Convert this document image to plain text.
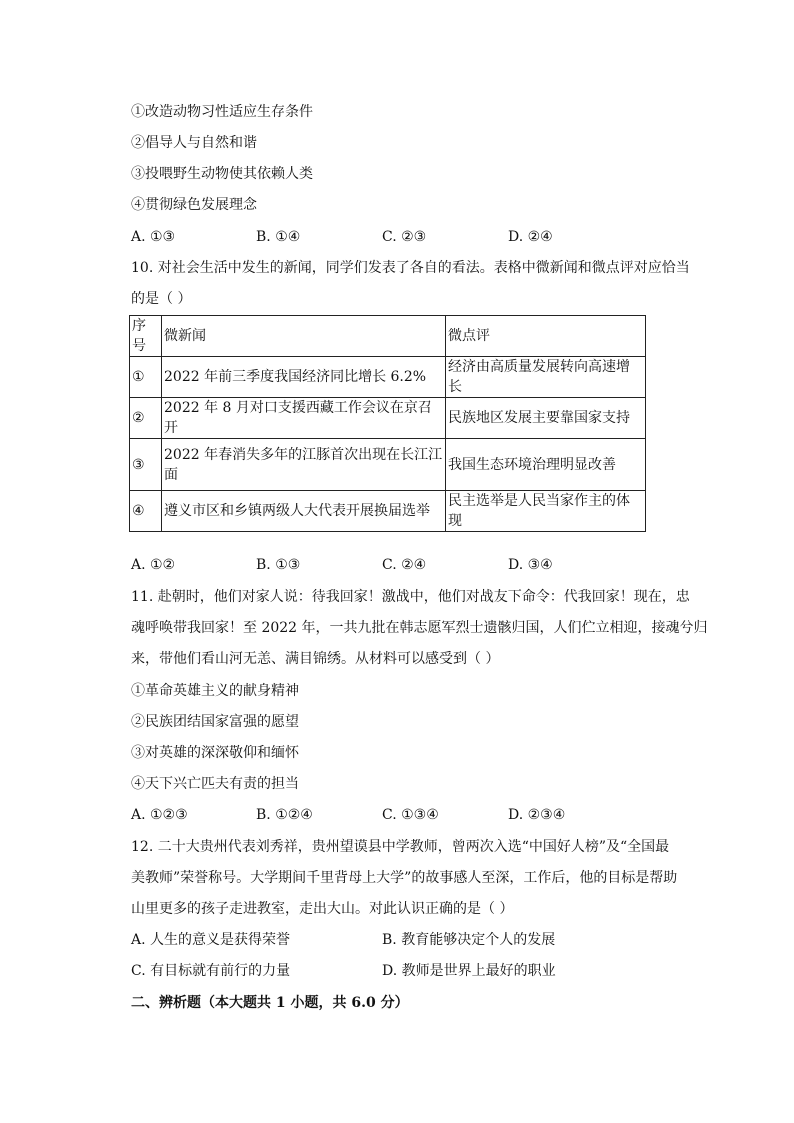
①改造动物习性适应生存条件
②倡导人与自然和谐
③投喂野生动物使其依赖人类
④贯彻绿色发展理念
A. ①③	B. ①④	C. ②③	D. ②④
10. 对社会生活中发生的新闻，同学们发表了各自的看法。表格中微新闻和微点评对应恰当
的是（ ）
序号	微新闻	微点评
①	2022 年前三季度我国经济同比增长 6.2%	经济由高质量发展转向高速增长
②	2022 年 8 月对口支援西藏工作会议在京召开	民族地区发展主要靠国家支持
③	2022 年春消失多年的江豚首次出现在长江江面	我国生态环境治理明显改善
④	遵义市区和乡镇两级人大代表开展换届选举	民主选举是人民当家作主的体现
A. ①②	B. ①③	C. ②④	D. ③④
11. 赴朝时，他们对家人说：待我回家！激战中，他们对战友下命令：代我回家！现在，忠
魂呼唤带我回家！至 2022 年，一共九批在韩志愿军烈士遗骸归国，人们伫立相迎，接魂兮归
来，带他们看山河无恙、满目锦绣。从材料可以感受到（ ）
①革命英雄主义的献身精神
②民族团结国家富强的愿望
③对英雄的深深敬仰和缅怀
④天下兴亡匹夫有责的担当
A. ①②③	B. ①②④	C. ①③④	D. ②③④
12. 二十大贵州代表刘秀祥，贵州望谟县中学教师，曾两次入选“中国好人榜”及“全国最
美教师”荣誉称号。大学期间千里背母上大学”的故事感人至深，工作后，他的目标是帮助
山里更多的孩子走进教室，走出大山。对此认识正确的是（ ）
A. 人生的意义是获得荣誉	B. 教育能够决定个人的发展
C. 有目标就有前行的力量	D. 教师是世界上最好的职业
二、辨析题（本大题共 1 小题，共 6.0 分）
